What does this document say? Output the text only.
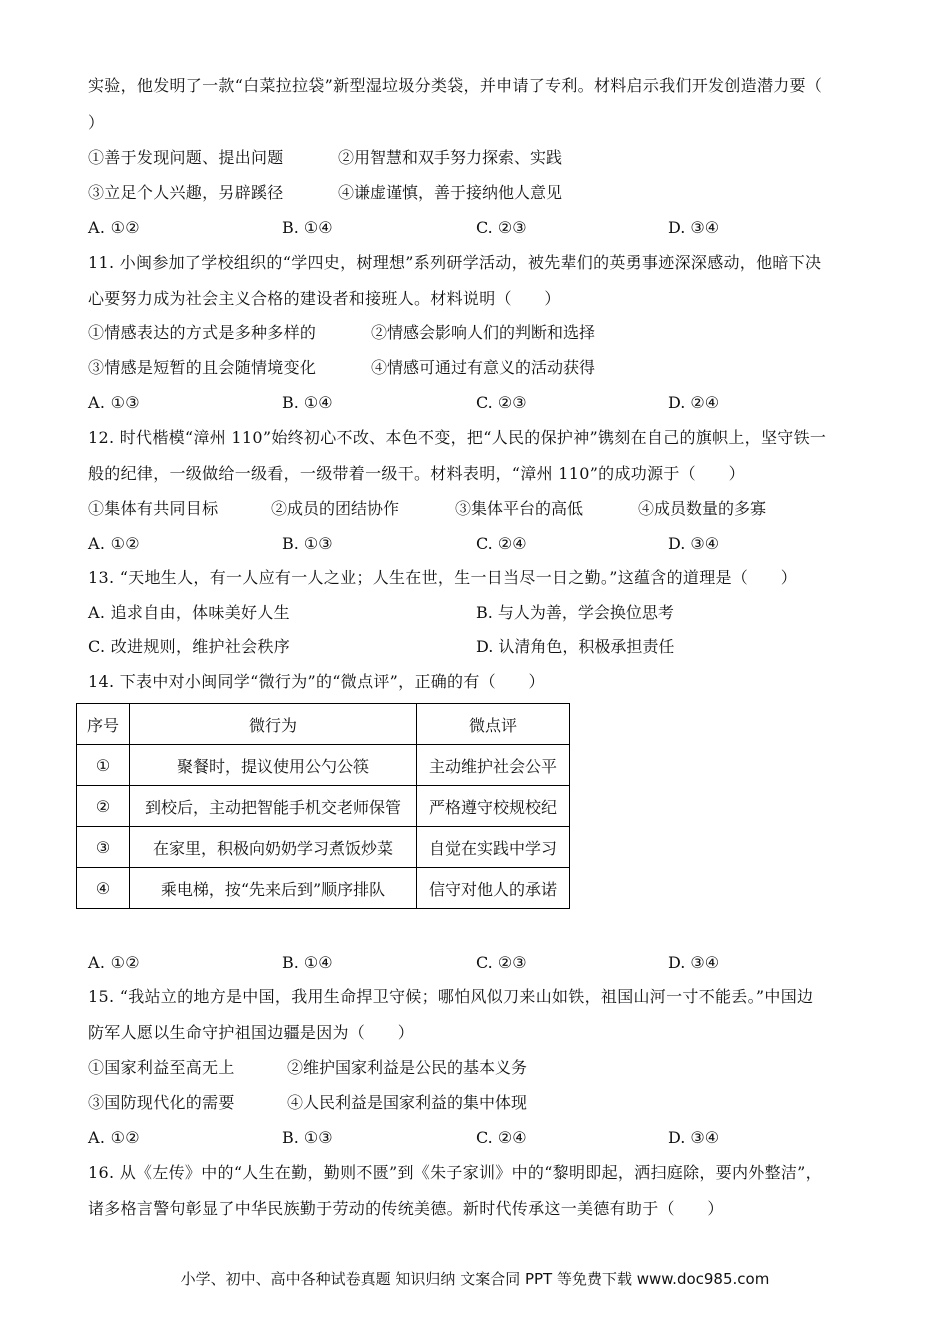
实验，他发明了一款“白菜拉拉袋”新型湿垃圾分类袋，并申请了专利。材料启示我们开发创造潜力要（
）
①善于发现问题、提出问题	②用智慧和双手努力探索、实践
③立足个人兴趣，另辟蹊径	④谦虚谨慎，善于接纳他人意见
A. ①②	B. ①④	C. ②③	D. ③④
11. 小闽参加了学校组织的“学四史，树理想”系列研学活动，被先辈们的英勇事迹深深感动，他暗下决
心要努力成为社会主义合格的建设者和接班人。材料说明（　　）
①情感表达的方式是多种多样的	②情感会影响人们的判断和选择
③情感是短暂的且会随情境变化	④情感可通过有意义的活动获得
A. ①③	B. ①④	C. ②③	D. ②④
12. 时代楷模“漳州 110”始终初心不改、本色不变，把“人民的保护神”镌刻在自己的旗帜上，坚守铁一
般的纪律，一级做给一级看，一级带着一级干。材料表明，“漳州 110”的成功源于（　　）
①集体有共同目标	②成员的团结协作	③集体平台的高低	④成员数量的多寡
A. ①②	B. ①③	C. ②④	D. ③④
13. “天地生人，有一人应有一人之业；人生在世，生一日当尽一日之勤。”这蕴含的道理是（　　）
A. 追求自由，体味美好人生	B. 与人为善，学会换位思考
C. 改进规则，维护社会秩序	D. 认清角色，积极承担责任
14. 下表中对小闽同学“微行为”的“微点评”，正确的有（　　）
序号	微行为	微点评
①	聚餐时，提议使用公勺公筷	主动维护社会公平
②	到校后，主动把智能手机交老师保管	严格遵守校规校纪
③	在家里，积极向奶奶学习煮饭炒菜	自觉在实践中学习
④	乘电梯，按“先来后到”顺序排队	信守对他人的承诺
A. ①②	B. ①④	C. ②③	D. ③④
15. “我站立的地方是中国，我用生命捍卫守候；哪怕风似刀来山如铁，祖国山河一寸不能丢。”中国边
防军人愿以生命守护祖国边疆是因为（　　）
①国家利益至高无上	②维护国家利益是公民的基本义务
③国防现代化的需要	④人民利益是国家利益的集中体现
A. ①②	B. ①③	C. ②④	D. ③④
16. 从《左传》中的“人生在勤，勤则不匮”到《朱子家训》中的“黎明即起，洒扫庭除，要内外整洁”，
诸多格言警句彰显了中华民族勤于劳动的传统美德。新时代传承这一美德有助于（　　）
小学、初中、高中各种试卷真题 知识归纳 文案合同 PPT 等免费下载 www.doc985.com
